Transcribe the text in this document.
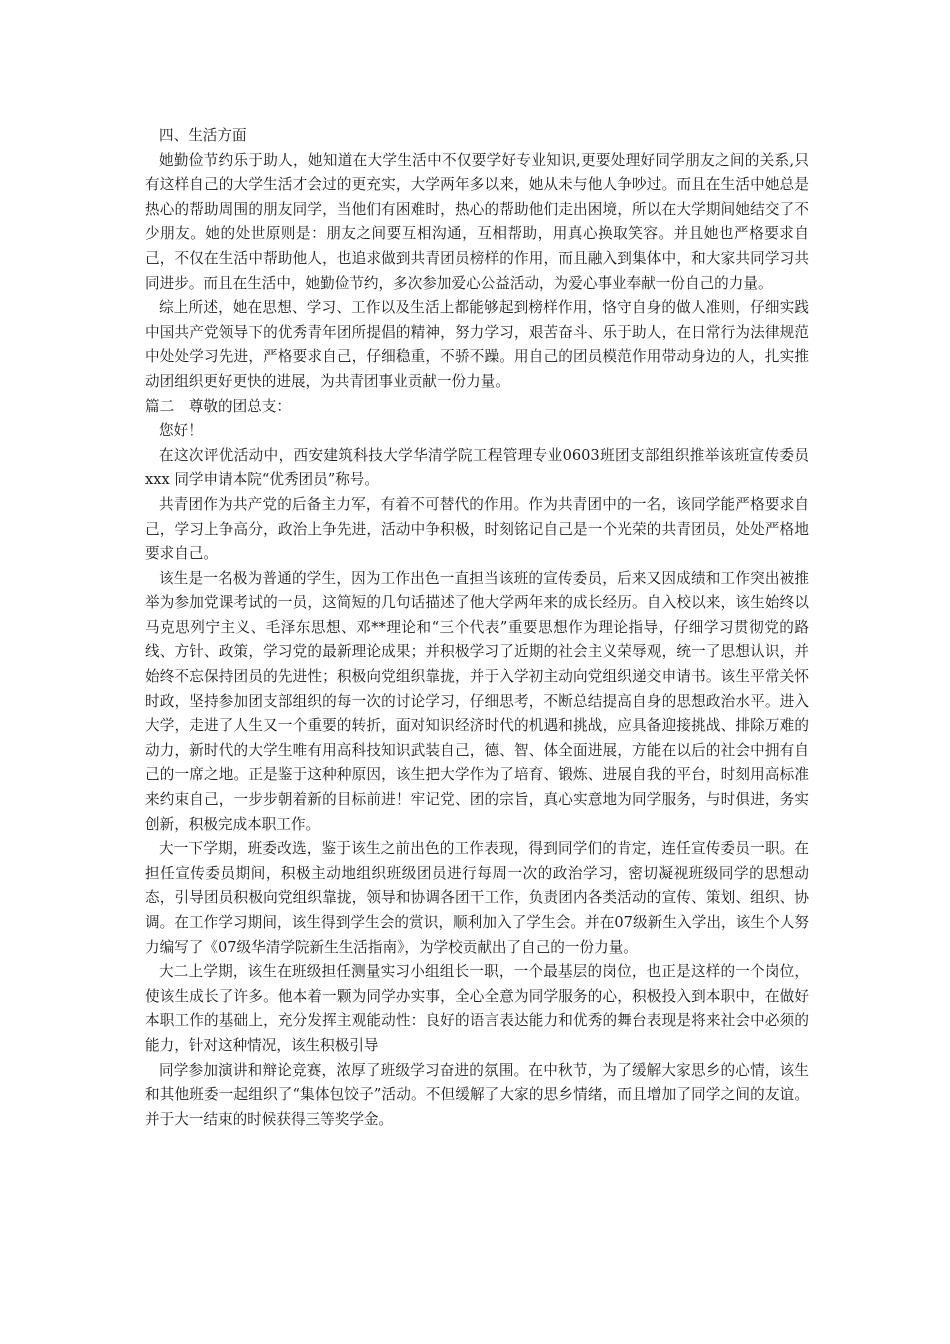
四、生活方面

她勤俭节约乐于助人，她知道在大学生活中不仅要学好专业知识,更要处理好同学朋友之间的关系,只有这样自己的大学生活才会过的更充实，大学两年多以来，她从未与他人争吵过。而且在生活中她总是热心的帮助周围的朋友同学，当他们有困难时，热心的帮助他们走出困境，所以在大学期间她结交了不少朋友。她的处世原则是：朋友之间要互相沟通，互相帮助，用真心换取笑容。并且她也严格要求自己，不仅在生活中帮助他人，也追求做到共青团员榜样的作用，而且融入到集体中，和大家共同学习共同进步。而且在生活中，她勤俭节约，多次参加爱心公益活动，为爱心事业奉献一份自己的力量。

综上所述，她在思想、学习、工作以及生活上都能够起到榜样作用，恪守自身的做人准则，仔细实践中国共产党领导下的优秀青年团所提倡的精神，努力学习，艰苦奋斗、乐于助人，在日常行为法律规范中处处学习先进，严格要求自己，仔细稳重，不骄不躁。用自己的团员模范作用带动身边的人，扎实推动团组织更好更快的进展，为共青团事业贡献一份力量。

篇二　尊敬的团总支：

您好！

在这次评优活动中，西安建筑科技大学华清学院工程管理专业0603班团支部组织推举该班宣传委员 xxx 同学申请本院“优秀团员”称号。

共青团作为共产党的后备主力军，有着不可替代的作用。作为共青团中的一名，该同学能严格要求自己，学习上争高分，政治上争先进，活动中争积极，时刻铭记自己是一个光荣的共青团员，处处严格地要求自己。

该生是一名极为普通的学生，因为工作出色一直担当该班的宣传委员，后来又因成绩和工作突出被推举为参加党课考试的一员，这简短的几句话描述了他大学两年来的成长经历。自入校以来，该生始终以马克思列宁主义、毛泽东思想、邓**理论和“三个代表”重要思想作为理论指导，仔细学习贯彻党的路线、方针、政策，学习党的最新理论成果；并积极学习了近期的社会主义荣辱观，统一了思想认识，并始终不忘保持团员的先进性；积极向党组织靠拢，并于入学初主动向党组织递交申请书。该生平常关怀时政，坚持参加团支部组织的每一次的讨论学习，仔细思考，不断总结提高自身的思想政治水平。进入大学，走进了人生又一个重要的转折，面对知识经济时代的机遇和挑战，应具备迎接挑战、排除万难的动力，新时代的大学生唯有用高科技知识武装自己，德、智、体全面进展，方能在以后的社会中拥有自己的一席之地。正是鉴于这种种原因，该生把大学作为了培育、锻炼、进展自我的平台，时刻用高标准来约束自己，一步步朝着新的目标前进！牢记党、团的宗旨，真心实意地为同学服务，与时俱进，务实创新，积极完成本职工作。

大一下学期，班委改选，鉴于该生之前出色的工作表现，得到同学们的肯定，连任宣传委员一职。在担任宣传委员期间，积极主动地组织班级团员进行每周一次的政治学习，密切凝视班级同学的思想动态，引导团员积极向党组织靠拢，领导和协调各团干工作，负责团内各类活动的宣传、策划、组织、协调。在工作学习期间，该生得到学生会的赏识，顺利加入了学生会。并在07级新生入学出，该生个人努力编写了《07级华清学院新生生活指南》，为学校贡献出了自己的一份力量。

大二上学期，该生在班级担任测量实习小组组长一职，一个最基层的岗位，也正是这样的一个岗位，使该生成长了许多。他本着一颗为同学办实事，全心全意为同学服务的心，积极投入到本职中，在做好本职工作的基础上，充分发挥主观能动性：良好的语言表达能力和优秀的舞台表现是将来社会中必须的能力，针对这种情况，该生积极引导

同学参加演讲和辩论竞赛，浓厚了班级学习奋进的氛围。在中秋节，为了缓解大家思乡的心情，该生和其他班委一起组织了“集体包饺子”活动。不但缓解了大家的思乡情绪，而且增加了同学之间的友谊。并于大一结束的时候获得三等奖学金。
